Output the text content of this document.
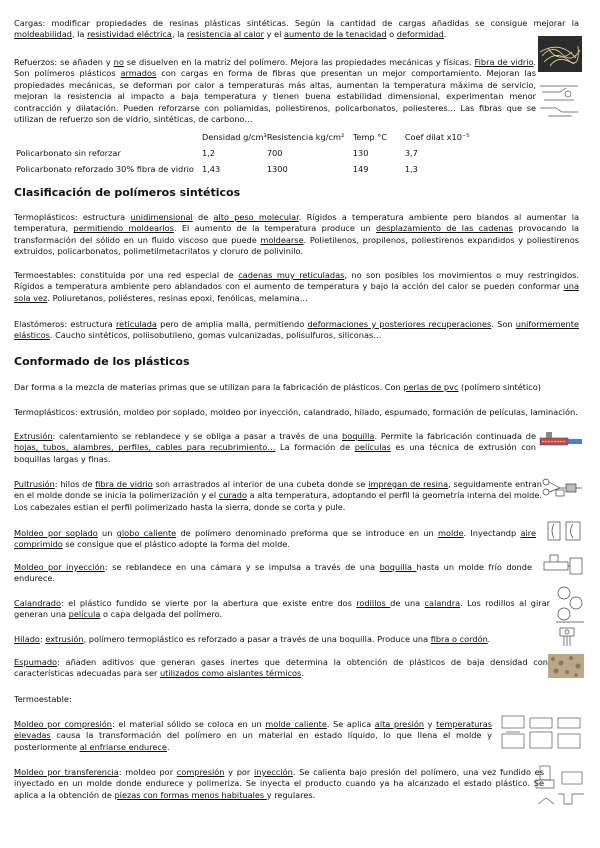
Cargas: modificar propiedades de resinas plásticas sintéticas. Según la cantidad de cargas añadidas se consigue mejorar la moldeabilidad, la resistividad eléctrica, la resistencia al calor y el aumento de la tenacidad o deformidad.

Refuerzos: se añaden y no se disuelven en la matriz del polímero. Mejora las propiedades mecánicas y físicas. Fibra de vidrio. Son polímeros plásticos armados con cargas en forma de fibras que presentan un mejor comportamiento. Mejoran las propiedades mecánicas, se deforman por calor a temperaturas más altas, aumentan la temperatura máxima de servicio, mejoran la resistencia al impacto a baja temperatura y tienen buena estabilidad dimensional, experimentan menor contracción y dilatación. Pueden reforzarse con poliamidas, poliestirenos, policarbonatos, poliesteres… Las fibras que se utilizan de refuerzo son de vidrio, sintéticas, de carbono…

	Densidad g/cm³	Resistencia kg/cm²	Temp °C	Coef dilat x10⁻⁵
Policarbonato sin reforzar	1,2	700	130	3,7
Policarbonato reforzado 30% fibra de vidrio	1,43	1300	149	1,3
Clasificación de polímeros sintéticos

Termoplásticos: estructura unidimensional de alto peso molecular. Rígidos a temperatura ambiente pero blandos al aumentar la temperatura, permitiendo moldearlos. El aumento de la temperatura produce un desplazamiento de las cadenas provocando la transformación del sólido en un fluido viscoso que puede moldearse. Polietilenos, propilenos, poliestirenos expandidos y poliestirenos extruidos, policarbonatos, polimetilmetacrilatos y cloruro de polivinilo.

Termoestables: constituida por una red especial de cadenas muy reticuladas, no son posibles los movimientos o muy restringidos. Rígidos a temperatura ambiente pero ablandados con el aumento de temperatura y bajo la acción del calor se pueden conformar una sola vez. Poliuretanos, poliésteres, resinas epoxi, fenólicas, melamina…

Elastómeros: estructura reticulada pero de amplia malla, permitiendo deformaciones y posteriores recuperaciones. Son uniformemente elásticos. Caucho sintéticos, poliisobutileno, gomas vulcanizadas, polisulfuros, siliconas…

Conformado de los plásticos

Dar forma a la mezcla de materias primas que se utilizan para la fabricación de plásticos. Con perlas de pvc (polímero sintético)

Termoplásticos: extrusión, moldeo por soplado, moldeo por inyección, calandrado, hilado, espumado, formación de películas, laminación.

Extrusión: calentamiento se reblandece y se obliga a pasar a través de una boquilla. Permite la fabricación continuada de hojas, tubos, alambres, perfiles, cables para recubrimiento… La formación de películas es una técnica de extrusión con boquillas largas y finas.

Pultrusión: hilos de fibra de vidrio son arrastrados al interior de una cubeta donde se impregan de resina, seguidamente entran en el molde donde se inicia la polimerización y el curado a alta temperatura, adoptando el perfil la geometría interna del molde. Los cabezales estian el perfil polimerizado hasta la sierra, donde se corta y pule.

Moldeo por soplado un globo caliente de polímero denominado preforma que se introduce en un molde. Inyectandp aire comprimido se consigue que el plástico adopte la forma del molde.

Moldeo por inyección: se reblandece en una cámara y se impulsa a través de una boquilla hasta un molde frío donde endurece.

Calandrado: el plástico fundido se vierte por la abertura que existe entre dos rodillos de una calandra. Los rodillos al girar generan una película o capa delgada del polímero.

Hilado: extrusión, polímero termoplástico es reforzado a pasar a través de una boquilla. Produce una fibra o cordón.

Espumado: añaden aditivos que generan gases inertes que determina la obtención de plásticos de baja densidad con características adecuadas para ser utilizados como aislantes térmicos.

Termoestable:

Moldeo por compresión: el material sólido se coloca en un molde caliente. Se aplica alta presión y temperaturas elevadas causa la transformación del polímero en un material en estado líquido, lo que llena el molde y posteriormente al enfriarse endurece.

Moldeo por transferencia: moldeo por compresión y por inyección. Se calienta bajo presión del polímero, una vez fundido es inyectado en un molde donde endurece y polimeriza. Se inyecta el producto cuando ya ha alcanzado el estado plástico. Se aplica a la obtención de piezas con formas menos habituales y regulares.
